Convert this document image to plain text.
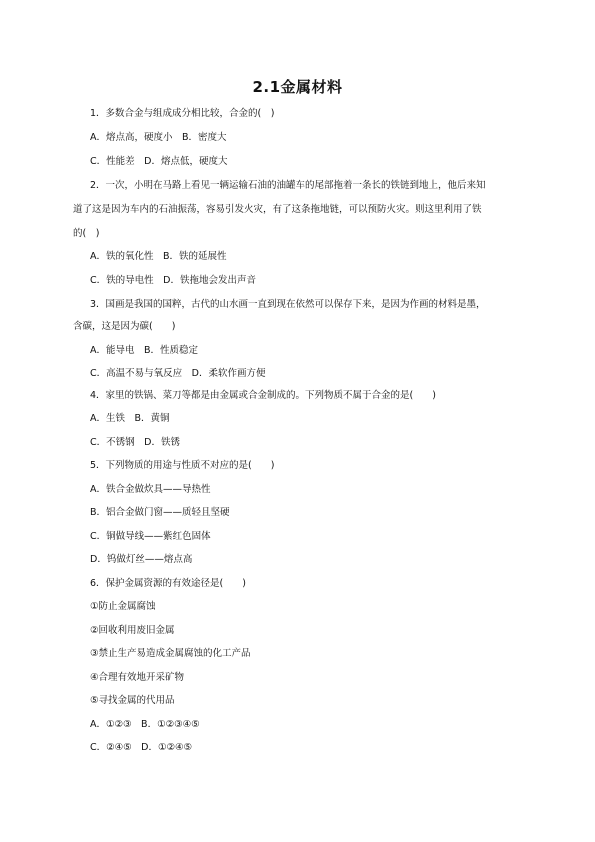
2.1金属材料
1．多数合金与组成成分相比较，合金的(　)
A．熔点高，硬度小　B．密度大
C．性能差　D．熔点低，硬度大
2．一次，小明在马路上看见一辆运输石油的油罐车的尾部拖着一条长的铁链到地上，他后来知
道了这是因为车内的石油振荡，容易引发火灾，有了这条拖地链，可以预防火灾。则这里利用了铁
的(　)
A．铁的氧化性　B．铁的延展性
C．铁的导电性　D．铁拖地会发出声音
3．国画是我国的国粹，古代的山水画一直到现在依然可以保存下来，是因为作画的材料是墨，
含碳，这是因为碳(　　)
A．能导电　B．性质稳定
C．高温不易与氧反应　D．柔软作画方便
4．家里的铁锅、菜刀等都是由金属或合金制成的。下列物质不属于合金的是(　　)
A．生铁　B．黄铜
C．不锈钢　D．铁锈
5．下列物质的用途与性质不对应的是(　　)
A．铁合金做炊具——导热性
B．铝合金做门窗——质轻且坚硬
C．铜做导线——紫红色固体
D．钨做灯丝——熔点高
6．保护金属资源的有效途径是(　　)
①防止金属腐蚀
②回收利用废旧金属
③禁止生产易造成金属腐蚀的化工产品
④合理有效地开采矿物
⑤寻找金属的代用品
A．①②③　B．①②③④⑤
C．②④⑤　D．①②④⑤
